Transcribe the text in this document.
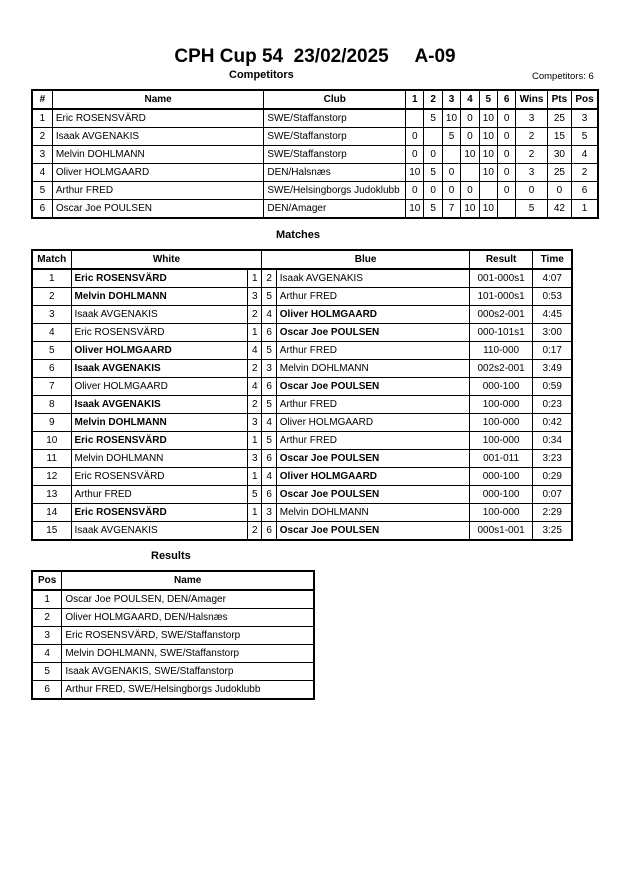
CPH Cup 54  23/02/2025     A-09
Competitors	Competitors: 6
#	Name	Club	1	2	3	4	5	6	Wins	Pts	Pos
1	Eric ROSENSVÄRD	SWE/Staffanstorp		5	10	0	10	0	3	25	3
2	Isaak AVGENAKIS	SWE/Staffanstorp	0		5	0	10	0	2	15	5
3	Melvin DOHLMANN	SWE/Staffanstorp	0	0		10	10	0	2	30	4
4	Oliver HOLMGAARD	DEN/Halsnæs	10	5	0		10	0	3	25	2
5	Arthur FRED	SWE/Helsingborgs Judoklubb	0	0	0	0		0	0	0	6
6	Oscar Joe POULSEN	DEN/Amager	10	5	7	10	10		5	42	1
Matches
Match	White		Blue		Result	Time
1	Eric ROSENSVÄRD	1	2	Isaak AVGENAKIS	001-000s1	4:07
2	Melvin DOHLMANN	3	5	Arthur FRED	101-000s1	0:53
3	Isaak AVGENAKIS	2	4	Oliver HOLMGAARD	000s2-001	4:45
4	Eric ROSENSVÄRD	1	6	Oscar Joe POULSEN	000-101s1	3:00
5	Oliver HOLMGAARD	4	5	Arthur FRED	110-000	0:17
6	Isaak AVGENAKIS	2	3	Melvin DOHLMANN	002s2-001	3:49
7	Oliver HOLMGAARD	4	6	Oscar Joe POULSEN	000-100	0:59
8	Isaak AVGENAKIS	2	5	Arthur FRED	100-000	0:23
9	Melvin DOHLMANN	3	4	Oliver HOLMGAARD	100-000	0:42
10	Eric ROSENSVÄRD	1	5	Arthur FRED	100-000	0:34
11	Melvin DOHLMANN	3	6	Oscar Joe POULSEN	001-011	3:23
12	Eric ROSENSVÄRD	1	4	Oliver HOLMGAARD	000-100	0:29
13	Arthur FRED	5	6	Oscar Joe POULSEN	000-100	0:07
14	Eric ROSENSVÄRD	1	3	Melvin DOHLMANN	100-000	2:29
15	Isaak AVGENAKIS	2	6	Oscar Joe POULSEN	000s1-001	3:25
Results
Pos	Name
1	Oscar Joe POULSEN, DEN/Amager
2	Oliver HOLMGAARD, DEN/Halsnæs
3	Eric ROSENSVÄRD, SWE/Staffanstorp
4	Melvin DOHLMANN, SWE/Staffanstorp
5	Isaak AVGENAKIS, SWE/Staffanstorp
6	Arthur FRED, SWE/Helsingborgs Judoklubb
